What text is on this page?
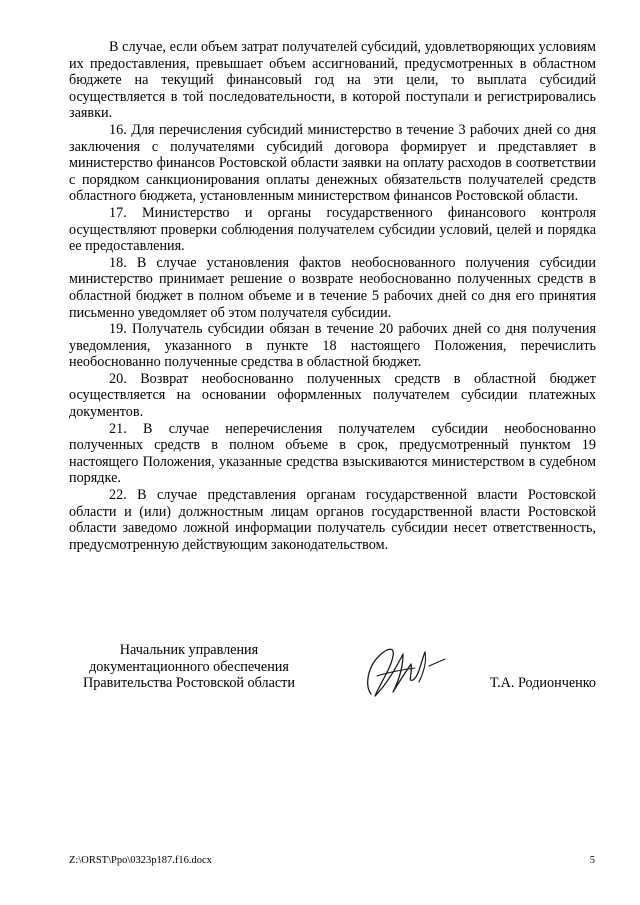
В случае, если объем затрат получателей субсидий, удовлетворяющих условиям их предоставления, превышает объем ассигнований, предусмотренных в областном бюджете на текущий финансовый год на эти цели, то выплата субсидий осуществляется в той последовательности, в которой поступали и регистрировались заявки.

16. Для перечисления субсидий министерство в течение 3 рабочих дней со дня заключения с получателями субсидий договора формирует и представляет в министерство финансов Ростовской области заявки на оплату расходов в соответствии с порядком санкционирования оплаты денежных обязательств получателей средств областного бюджета, установленным министерством финансов Ростовской области.

17. Министерство и органы государственного финансового контроля осуществляют проверки соблюдения получателем субсидии условий, целей и порядка ее предоставления.

18. В случае установления фактов необоснованного получения субсидии министерство принимает решение о возврате необоснованно полученных средств в областной бюджет в полном объеме и в течение 5 рабочих дней со дня его принятия письменно уведомляет об этом получателя субсидии.

19. Получатель субсидии обязан в течение 20 рабочих дней со дня получения уведомления, указанного в пункте 18 настоящего Положения, перечислить необоснованно полученные средства в областной бюджет.

20. Возврат необоснованно полученных средств в областной бюджет осуществляется на основании оформленных получателем субсидии платежных документов.

21. В случае неперечисления получателем субсидии необоснованно полученных средств в полном объеме в срок, предусмотренный пунктом 19 настоящего Положения, указанные средства взыскиваются министерством в судебном порядке.

22. В случае представления органам государственной власти Ростовской области и (или) должностным лицам органов государственной власти Ростовской области заведомо ложной информации получатель субсидии несет ответственность, предусмотренную действующим законодательством.

Начальник управления
документационного обеспечения
Правительства Ростовской области	Т.А. Родионченко
Z:\ORST\Ppo\0323p187.f16.docx	5
